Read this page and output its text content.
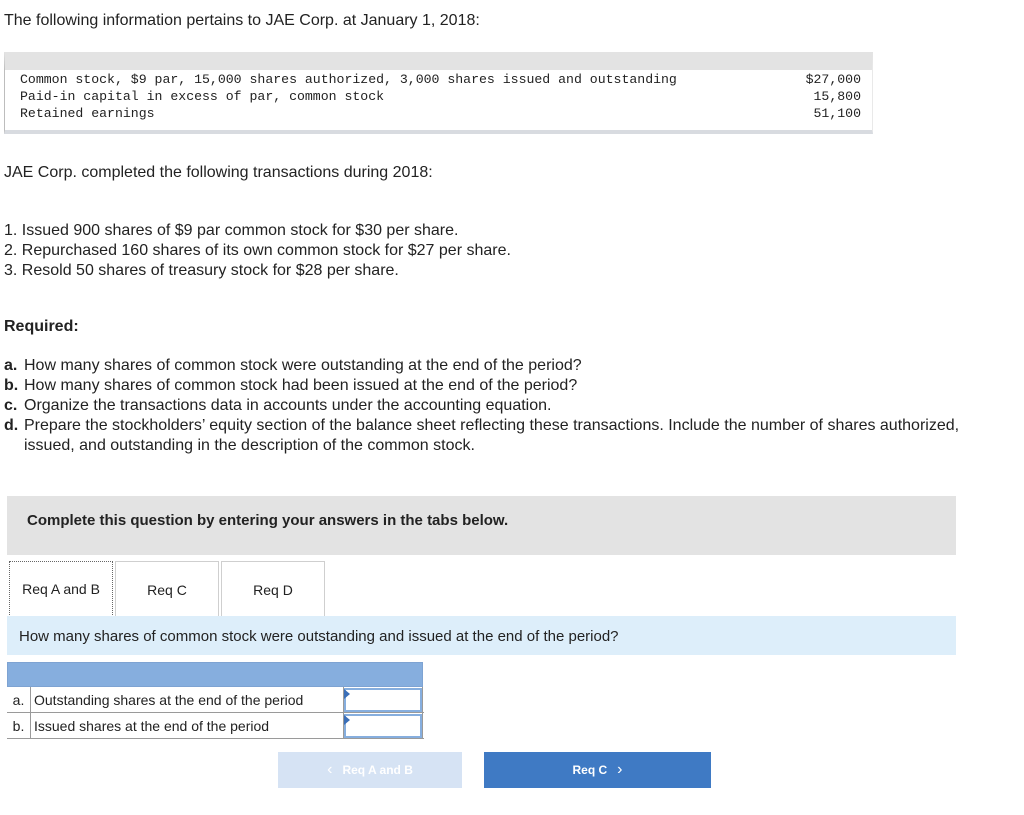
The following information pertains to JAE Corp. at January 1, 2018:
Common stock, $9 par, 15,000 shares authorized, 3,000 shares issued and outstanding	$27,000
Paid-in capital in excess of par, common stock	15,800
Retained earnings	51,100
JAE Corp. completed the following transactions during 2018:
1. Issued 900 shares of $9 par common stock for $30 per share.
2. Repurchased 160 shares of its own common stock for $27 per share.
3. Resold 50 shares of treasury stock for $28 per share.
Required:
a. How many shares of common stock were outstanding at the end of the period?
b. How many shares of common stock had been issued at the end of the period?
c. Organize the transactions data in accounts under the accounting equation.
d. Prepare the stockholders’ equity section of the balance sheet reflecting these transactions. Include the number of shares authorized, issued, and outstanding in the description of the common stock.
Complete this question by entering your answers in the tabs below.
Req A and B	Req C	Req D
How many shares of common stock were outstanding and issued at the end of the period?
a. Outstanding shares at the end of the period
b. Issued shares at the end of the period
‹ Req A and B	Req C ›
